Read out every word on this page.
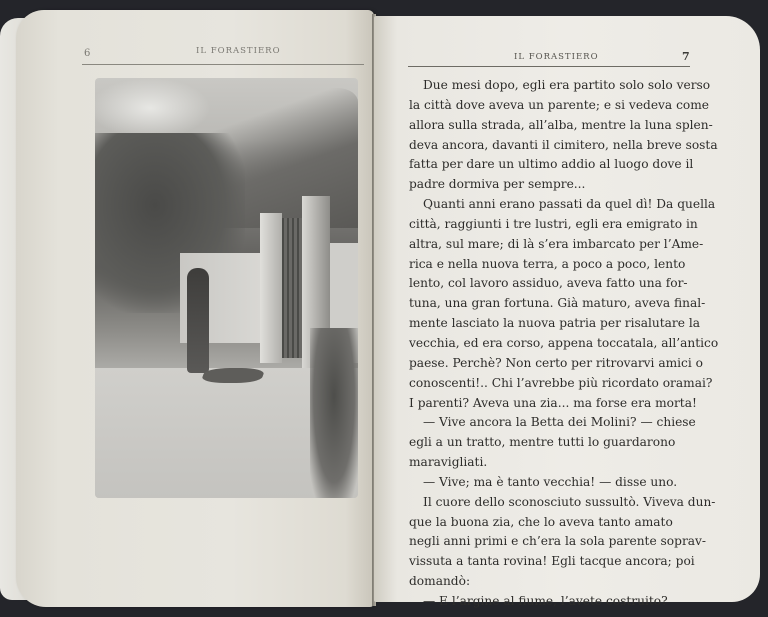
6	IL FORASTIERO
IL FORASTIERO	7

Due mesi dopo, egli era partito solo solo verso

la città dove aveva un parente; e si vedeva come

allora sulla strada, all’alba, mentre la luna splen-

deva ancora, davanti il cimitero, nella breve sosta

fatta per dare un ultimo addio al luogo dove il

padre dormiva per sempre...

Quanti anni erano passati da quel dì! Da quella

città, raggiunti i tre lustri, egli era emigrato in

altra, sul mare; di là s’era imbarcato per l’Ame-

rica e nella nuova terra, a poco a poco, lento

lento, col lavoro assiduo, aveva fatto una for-

tuna, una gran fortuna. Già maturo, aveva final-

mente lasciato la nuova patria per risalutare la

vecchia, ed era corso, appena toccatala, all’antico

paese. Perchè? Non certo per ritrovarvi amici o

conoscenti!.. Chi l’avrebbe più ricordato oramai?

I parenti? Aveva una zia... ma forse era morta!

— Vive ancora la Betta dei Molini? — chiese

egli a un tratto, mentre tutti lo guardarono

maravigliati.

— Vive; ma è tanto vecchia! — disse uno.

Il cuore dello sconosciuto sussultò. Viveva dun-

que la buona zia, che lo aveva tanto amato

negli anni primi e ch’era la sola parente soprav-

vissuta a tanta rovina! Egli tacque ancora; poi

domandò:

— E l’argine al fiume, l’avete costruito?
